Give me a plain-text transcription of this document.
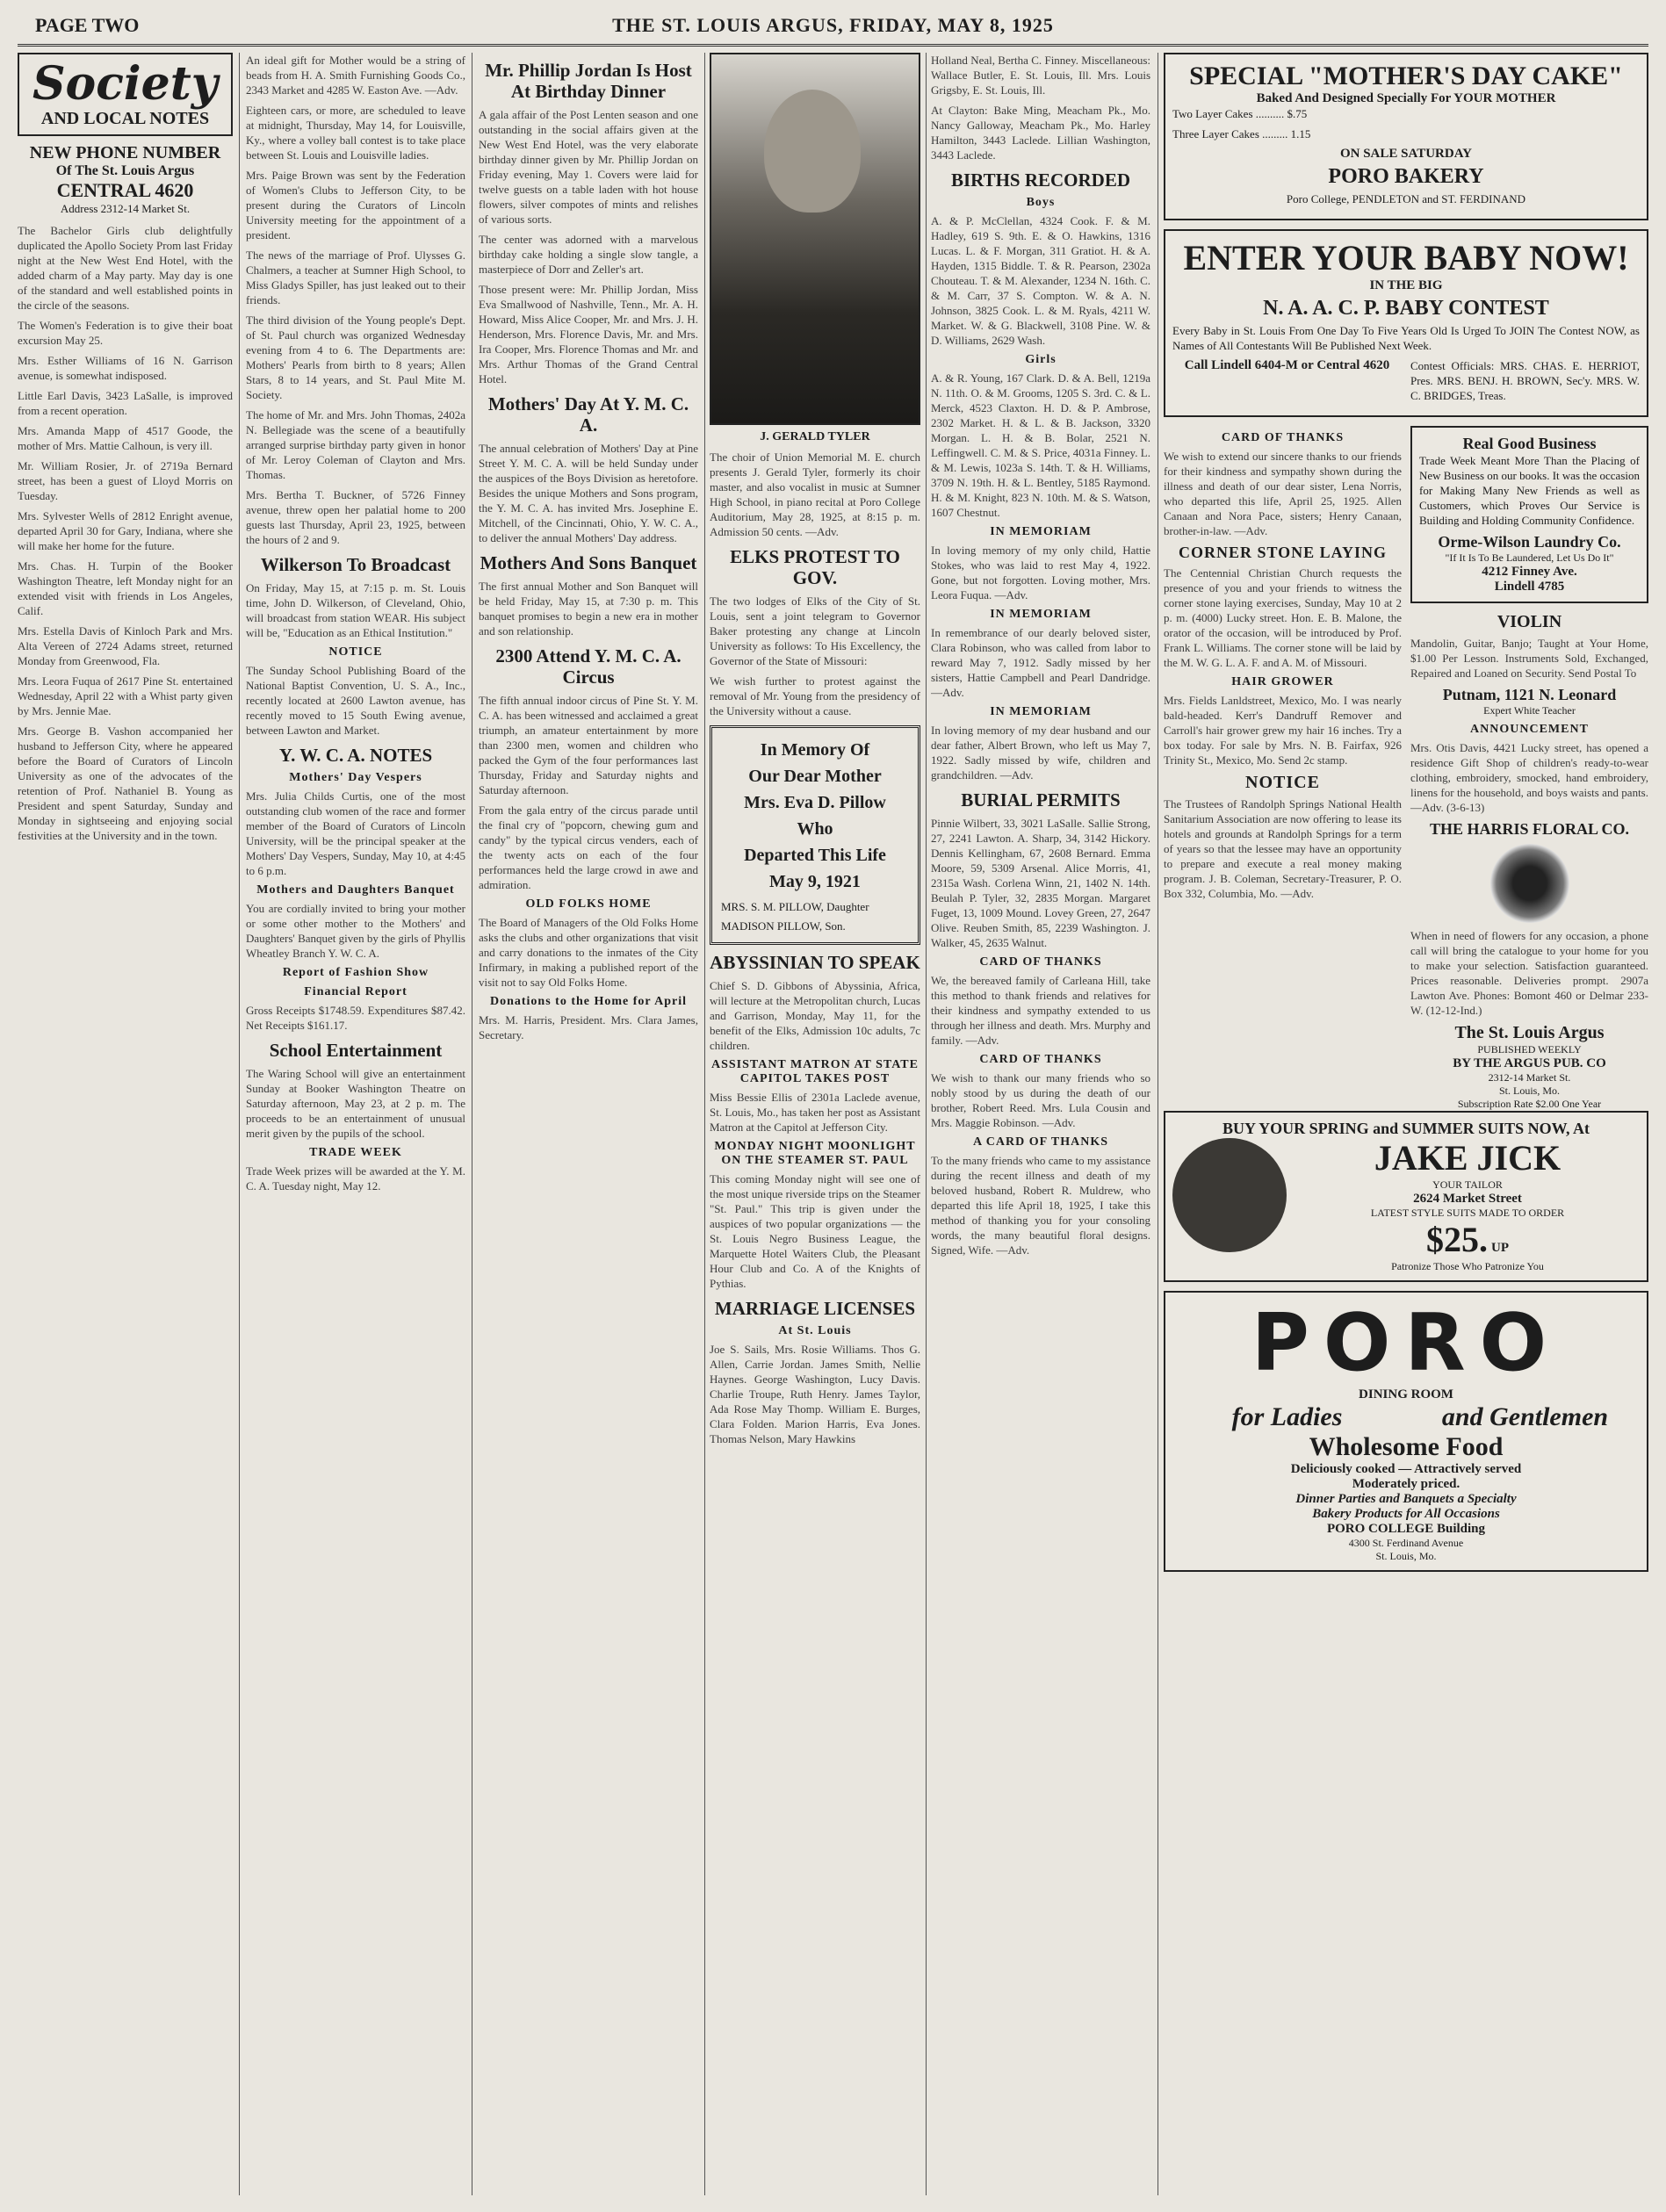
PAGE TWO	THE ST. LOUIS ARGUS, FRIDAY, MAY 8, 1925
Society
AND LOCAL NOTES
NEW PHONE NUMBER
Of The St. Louis Argus
CENTRAL 4620
Address 2312-14 Market St.

The Bachelor Girls club delightfully duplicated the Apollo Society Prom last Friday night at the New West End Hotel, with the added charm of a May party. May day is one of the standard and well established points in the circle of the seasons.

The Women's Federation is to give their boat excursion May 25.

Mrs. Esther Williams of 16 N. Garrison avenue, is somewhat indisposed.

Little Earl Davis, 3423 LaSalle, is improved from a recent operation.

Mrs. Amanda Mapp of 4517 Goode, the mother of Mrs. Mattie Calhoun, is very ill.

Mr. William Rosier, Jr. of 2719a Bernard street, has been a guest of Lloyd Morris on Tuesday.

Mrs. Sylvester Wells of 2812 Enright avenue, departed April 30 for Gary, Indiana, where she will make her home for the future.

Mrs. Chas. H. Turpin of the Booker Washington Theatre, left Monday night for an extended visit with friends in Los Angeles, Calif.

Mrs. Estella Davis of Kinloch Park and Mrs. Alta Vereen of 2724 Adams street, returned Monday from Greenwood, Fla.

Mrs. Leora Fuqua of 2617 Pine St. entertained Wednesday, April 22 with a Whist party given by Mrs. Jennie Mae.

Mrs. George B. Vashon accompanied her husband to Jefferson City, where he appeared before the Board of Curators of Lincoln University as one of the advocates of the retention of Prof. Nathaniel B. Young as President and spent Saturday, Sunday and Monday in sightseeing and enjoying social festivities at the University and in the town.

An ideal gift for Mother would be a string of beads from H. A. Smith Furnishing Goods Co., 2343 Market and 4285 W. Easton Ave. —Adv.

Eighteen cars, or more, are scheduled to leave at midnight, Thursday, May 14, for Louisville, Ky., where a volley ball contest is to take place between St. Louis and Louisville ladies.

Mrs. Paige Brown was sent by the Federation of Women's Clubs to Jefferson City, to be present during the Curators of Lincoln University meeting for the appointment of a president.

The news of the marriage of Prof. Ulysses G. Chalmers, a teacher at Sumner High School, to Miss Gladys Spiller, has just leaked out to their friends.

The third division of the Young people's Dept. of St. Paul church was organized Wednesday evening from 4 to 6. The Departments are: Mothers' Pearls from birth to 8 years; Allen Stars, 8 to 14 years, and St. Paul Mite M. Society.

The home of Mr. and Mrs. John Thomas, 2402a N. Bellegiade was the scene of a beautifully arranged surprise birthday party given in honor of Mr. Leroy Coleman of Clayton and Mrs. Thomas.

Mrs. Bertha T. Buckner, of 5726 Finney avenue, threw open her palatial home to 200 guests last Thursday, April 23, 1925, between the hours of 2 and 9.

Wilkerson To Broadcast

On Friday, May 15, at 7:15 p. m. St. Louis time, John D. Wilkerson, of Cleveland, Ohio, will broadcast from station WEAR. His subject will be, "Education as an Ethical Institution."

NOTICE

The Sunday School Publishing Board of the National Baptist Convention, U. S. A., Inc., recently located at 2600 Lawton avenue, has recently moved to 15 South Ewing avenue, between Lawton and Market.

Y. W. C. A. NOTES
Mothers' Day Vespers

Mrs. Julia Childs Curtis, one of the most outstanding club women of the race and former member of the Board of Curators of Lincoln University, will be the principal speaker at the Mothers' Day Vespers, Sunday, May 10, at 4:45 to 6 p.m.

Mothers and Daughters Banquet

You are cordially invited to bring your mother or some other mother to the Mothers' and Daughters' Banquet given by the girls of Phyllis Wheatley Branch Y. W. C. A.

Report of Fashion Show
Financial Report

Gross Receipts $1748.59. Expenditures $87.42. Net Receipts $161.17.

School Entertainment

The Waring School will give an entertainment Sunday at Booker Washington Theatre on Saturday afternoon, May 23, at 2 p. m. The proceeds to be an entertainment of unusual merit given by the pupils of the school.

TRADE WEEK

Trade Week prizes will be awarded at the Y. M. C. A. Tuesday night, May 12.

Mr. Phillip Jordan Is Host At Birthday Dinner

A gala affair of the Post Lenten season and one outstanding in the social affairs given at the New West End Hotel, was the very elaborate birthday dinner given by Mr. Phillip Jordan on Friday evening, May 1. Covers were laid for twelve guests on a table laden with hot house flowers, silver compotes of mints and relishes of various sorts.

The center was adorned with a marvelous birthday cake holding a single slow tangle, a masterpiece of Dorr and Zeller's art.

Those present were: Mr. Phillip Jordan, Miss Eva Smallwood of Nashville, Tenn., Mr. A. H. Howard, Miss Alice Cooper, Mr. and Mrs. J. H. Henderson, Mrs. Florence Davis, Mr. and Mrs. Ira Cooper, Mrs. Florence Thomas and Mr. and Mrs. Arthur Thomas of the Grand Central Hotel.

Mothers' Day At Y. M. C. A.

The annual celebration of Mothers' Day at Pine Street Y. M. C. A. will be held Sunday under the auspices of the Boys Division as heretofore. Besides the unique Mothers and Sons program, the Y. M. C. A. has invited Mrs. Josephine E. Mitchell, of the Cincinnati, Ohio, Y. W. C. A., to deliver the annual Mothers' Day address.

Mothers And Sons Banquet

The first annual Mother and Son Banquet will be held Friday, May 15, at 7:30 p. m. This banquet promises to begin a new era in mother and son relationship.

2300 Attend Y. M. C. A. Circus

The fifth annual indoor circus of Pine St. Y. M. C. A. has been witnessed and acclaimed a great triumph, an amateur entertainment by more than 2300 men, women and children who packed the Gym of the four performances last Thursday, Friday and Saturday nights and Saturday afternoon.

From the gala entry of the circus parade until the final cry of "popcorn, chewing gum and candy" by the typical circus venders, each of the twenty acts on each of the four performances held the large crowd in awe and admiration.

OLD FOLKS HOME

The Board of Managers of the Old Folks Home asks the clubs and other organizations that visit and carry donations to the inmates of the City Infirmary, in making a published report of the visit not to say Old Folks Home.

Donations to the Home for April

Mrs. M. Harris, President. Mrs. Clara James, Secretary.

J. GERALD TYLER

The choir of Union Memorial M. E. church presents J. Gerald Tyler, formerly its choir master, and also vocalist in music at Sumner High School, in piano recital at Poro College Auditorium, May 28, 1925, at 8:15 p. m. Admission 50 cents. —Adv.

ELKS PROTEST TO GOV.

The two lodges of Elks of the City of St. Louis, sent a joint telegram to Governor Baker protesting any change at Lincoln University as follows: To His Excellency, the Governor of the State of Missouri:

We wish further to protest against the removal of Mr. Young from the presidency of the University without a cause.

In Memory Of
Our Dear Mother
Mrs. Eva D. Pillow
Who
Departed This Life
May 9, 1921
MRS. S. M. PILLOW, Daughter
MADISON PILLOW, Son.
ABYSSINIAN TO SPEAK

Chief S. D. Gibbons of Abyssinia, Africa, will lecture at the Metropolitan church, Lucas and Garrison, Monday, May 11, for the benefit of the Elks, Admission 10c adults, 7c children.

ASSISTANT MATRON AT STATE CAPITOL TAKES POST

Miss Bessie Ellis of 2301a Laclede avenue, St. Louis, Mo., has taken her post as Assistant Matron at the Capitol at Jefferson City.

MONDAY NIGHT MOONLIGHT ON THE STEAMER ST. PAUL

This coming Monday night will see one of the most unique riverside trips on the Steamer "St. Paul." This trip is given under the auspices of two popular organizations — the St. Louis Negro Business League, the Marquette Hotel Waiters Club, the Pleasant Hour Club and Co. A of the Knights of Pythias.

MARRIAGE LICENSES
At St. Louis

Joe S. Sails, Mrs. Rosie Williams. Thos G. Allen, Carrie Jordan. James Smith, Nellie Haynes. George Washington, Lucy Davis. Charlie Troupe, Ruth Henry. James Taylor, Ada Rose May Thomp. William E. Burges, Clara Folden. Marion Harris, Eva Jones. Thomas Nelson, Mary Hawkins

Holland Neal, Bertha C. Finney. Miscellaneous: Wallace Butler, E. St. Louis, Ill. Mrs. Louis Grigsby, E. St. Louis, Ill.

At Clayton: Bake Ming, Meacham Pk., Mo. Nancy Galloway, Meacham Pk., Mo. Harley Hamilton, 3443 Laclede. Lillian Washington, 3443 Laclede.

BIRTHS RECORDED
Boys

A. & P. McClellan, 4324 Cook. F. & M. Hadley, 619 S. 9th. E. & O. Hawkins, 1316 Lucas. L. & F. Morgan, 311 Gratiot. H. & A. Hayden, 1315 Biddle. T. & R. Pearson, 2302a Chouteau. T. & M. Alexander, 1234 N. 16th. C. & M. Carr, 37 S. Compton. W. & A. N. Johnson, 3825 Cook. L. & M. Ryals, 4211 W. Market. W. & G. Blackwell, 3108 Pine. W. & D. Williams, 2629 Wash.

Girls

A. & R. Young, 167 Clark. D. & A. Bell, 1219a N. 11th. O. & M. Grooms, 1205 S. 3rd. C. & L. Merck, 4523 Claxton. H. D. & P. Ambrose, 2302 Market. H. & L. & B. Jackson, 3320 Morgan. L. H. & B. Bolar, 2521 N. Leffingwell. C. M. & S. Price, 4031a Finney. L. & M. Lewis, 1023a S. 14th. T. & H. Williams, 3709 N. 19th. H. & L. Bentley, 5185 Raymond. H. & M. Knight, 823 N. 10th. M. & S. Watson, 1607 Chestnut.

IN MEMORIAM

In loving memory of my only child, Hattie Stokes, who was laid to rest May 4, 1922. Gone, but not forgotten. Loving mother, Mrs. Leora Fuqua. —Adv.

IN MEMORIAM

In remembrance of our dearly beloved sister, Clara Robinson, who was called from labor to reward May 7, 1912. Sadly missed by her sisters, Hattie Campbell and Pearl Dandridge. —Adv.

IN MEMORIAM

In loving memory of my dear husband and our dear father, Albert Brown, who left us May 7, 1922. Sadly missed by wife, children and grandchildren. —Adv.

BURIAL PERMITS

Pinnie Wilbert, 33, 3021 LaSalle. Sallie Strong, 27, 2241 Lawton. A. Sharp, 34, 3142 Hickory. Dennis Kellingham, 67, 2608 Bernard. Emma Moore, 59, 5309 Arsenal. Alice Morris, 41, 2315a Wash. Corlena Winn, 21, 1402 N. 14th. Beulah P. Tyler, 32, 2835 Morgan. Margaret Fuget, 13, 1009 Mound. Lovey Green, 27, 2647 Olive. Reuben Smith, 85, 2239 Washington. J. Walker, 45, 2635 Walnut.

CARD OF THANKS

We, the bereaved family of Carleana Hill, take this method to thank friends and relatives for their kindness and sympathy extended to us through her illness and death. Mrs. Murphy and family. —Adv.

CARD OF THANKS

We wish to thank our many friends who so nobly stood by us during the death of our brother, Robert Reed. Mrs. Lula Cousin and Mrs. Maggie Robinson. —Adv.

A CARD OF THANKS

To the many friends who came to my assistance during the recent illness and death of my beloved husband, Robert R. Muldrew, who departed this life April 18, 1925, I take this method of thanking you for your consoling words, the many beautiful floral designs. Signed, Wife. —Adv.

SPECIAL "MOTHER'S DAY CAKE"
Baked And Designed Specially For YOUR MOTHER
Two Layer Cakes .......... $.75
Three Layer Cakes ......... 1.15
ON SALE SATURDAY
PORO BAKERY
Poro College, PENDLETON and ST. FERDINAND
ENTER YOUR BABY NOW!
IN THE BIG
N. A. A. C. P. BABY CONTEST

Every Baby in St. Louis From One Day To Five Years Old Is Urged To JOIN The Contest NOW, as Names of All Contestants Will Be Published Next Week.

Call Lindell 6404-M or Central 4620	Contest Officials: MRS. CHAS. E. HERRIOT, Pres. MRS. BENJ. H. BROWN, Sec'y. MRS. W. C. BRIDGES, Treas.
CARD OF THANKS

We wish to extend our sincere thanks to our friends for their kindness and sympathy shown during the illness and death of our dear sister, Lena Norris, who departed this life, April 25, 1925. Allen Canaan and Nora Pace, sisters; Henry Canaan, brother-in-law. —Adv.

CORNER STONE LAYING

The Centennial Christian Church requests the presence of you and your friends to witness the corner stone laying exercises, Sunday, May 10 at 2 p. m. (4000) Lucky street. Hon. E. B. Malone, the orator of the occasion, will be introduced by Prof. Frank L. Williams. The corner stone will be laid by the M. W. G. L. A. F. and A. M. of Missouri.

HAIR GROWER

Mrs. Fields Lanldstreet, Mexico, Mo. I was nearly bald-headed. Kerr's Dandruff Remover and Carroll's hair grower grew my hair 16 inches. Try a box today. For sale by Mrs. N. B. Fairfax, 926 Trinity St., Mexico, Mo. Send 2c stamp.

NOTICE

The Trustees of Randolph Springs National Health Sanitarium Association are now offering to lease its hotels and grounds at Randolph Springs for a term of years so that the lessee may have an opportunity to prepare and execute a real money making program. J. B. Coleman, Secretary-Treasurer, P. O. Box 332, Columbia, Mo. —Adv.

Real Good Business

Trade Week Meant More Than the Placing of New Business on our books. It was the occasion for Making Many New Friends as well as Customers, which Proves Our Service is Building and Holding Community Confidence.

Orme-Wilson Laundry Co.
"If It Is To Be Laundered, Let Us Do It"
4212 Finney Ave.
Lindell 4785
VIOLIN

Mandolin, Guitar, Banjo; Taught at Your Home, $1.00 Per Lesson. Instruments Sold, Exchanged, Repaired and Loaned on Security. Send Postal To

Putnam, 1121 N. Leonard
Expert White Teacher
ANNOUNCEMENT

Mrs. Otis Davis, 4421 Lucky street, has opened a residence Gift Shop of children's ready-to-wear clothing, embroidery, smocked, hand embroidery, linens for the household, and boys waists and pants. —Adv. (3-6-13)

THE HARRIS FLORAL CO.

When in need of flowers for any occasion, a phone call will bring the catalogue to your home for you to make your selection. Satisfaction guaranteed. Prices reasonable. Deliveries prompt. 2907a Lawton Ave. Phones: Bomont 460 or Delmar 233-W. (12-12-Ind.)

The St. Louis Argus
PUBLISHED WEEKLY
BY THE ARGUS PUB. CO
2312-14 Market St.
St. Louis, Mo.
Subscription Rate $2.00 One Year
BUY YOUR SPRING and SUMMER SUITS NOW, At
JAKE JICK
YOUR TAILOR
2624 Market Street
LATEST STYLE SUITS MADE TO ORDER
$25. UP
Patronize Those Who Patronize You
PORO
DINING ROOM
for Ladies	and Gentlemen
Wholesome Food
Deliciously cooked — Attractively served
Moderately priced.
Dinner Parties and Banquets a Specialty
Bakery Products for All Occasions
PORO COLLEGE Building
4300 St. Ferdinand Avenue
St. Louis, Mo.
